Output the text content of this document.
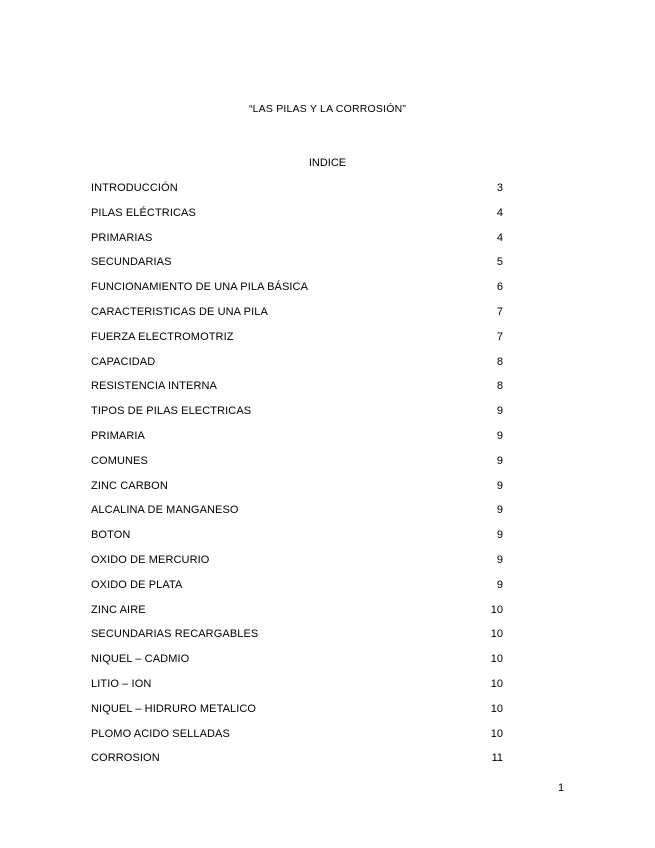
“LAS PILAS Y LA CORROSIÓN”
INDICE
INTRODUCCIÓN	3
PILAS ELÉCTRICAS	4
PRIMARIAS	4
SECUNDARIAS	5
FUNCIONAMIENTO DE UNA PILA BÁSICA	6
CARACTERISTICAS DE UNA PILA	7
FUERZA ELECTROMOTRIZ	7
CAPACIDAD	8
RESISTENCIA INTERNA	8
TIPOS DE PILAS ELECTRICAS	9
PRIMARIA	9
COMUNES	9
ZINC CARBON	9
ALCALINA DE MANGANESO	9
BOTON	9
OXIDO DE MERCURIO	9
OXIDO DE PLATA	9
ZINC AIRE	10
SECUNDARIAS RECARGABLES	10
NIQUEL – CADMIO	10
LITIO – ION	10
NIQUEL – HIDRURO METALICO	10
PLOMO ACIDO SELLADAS	10
CORROSION	11
1
